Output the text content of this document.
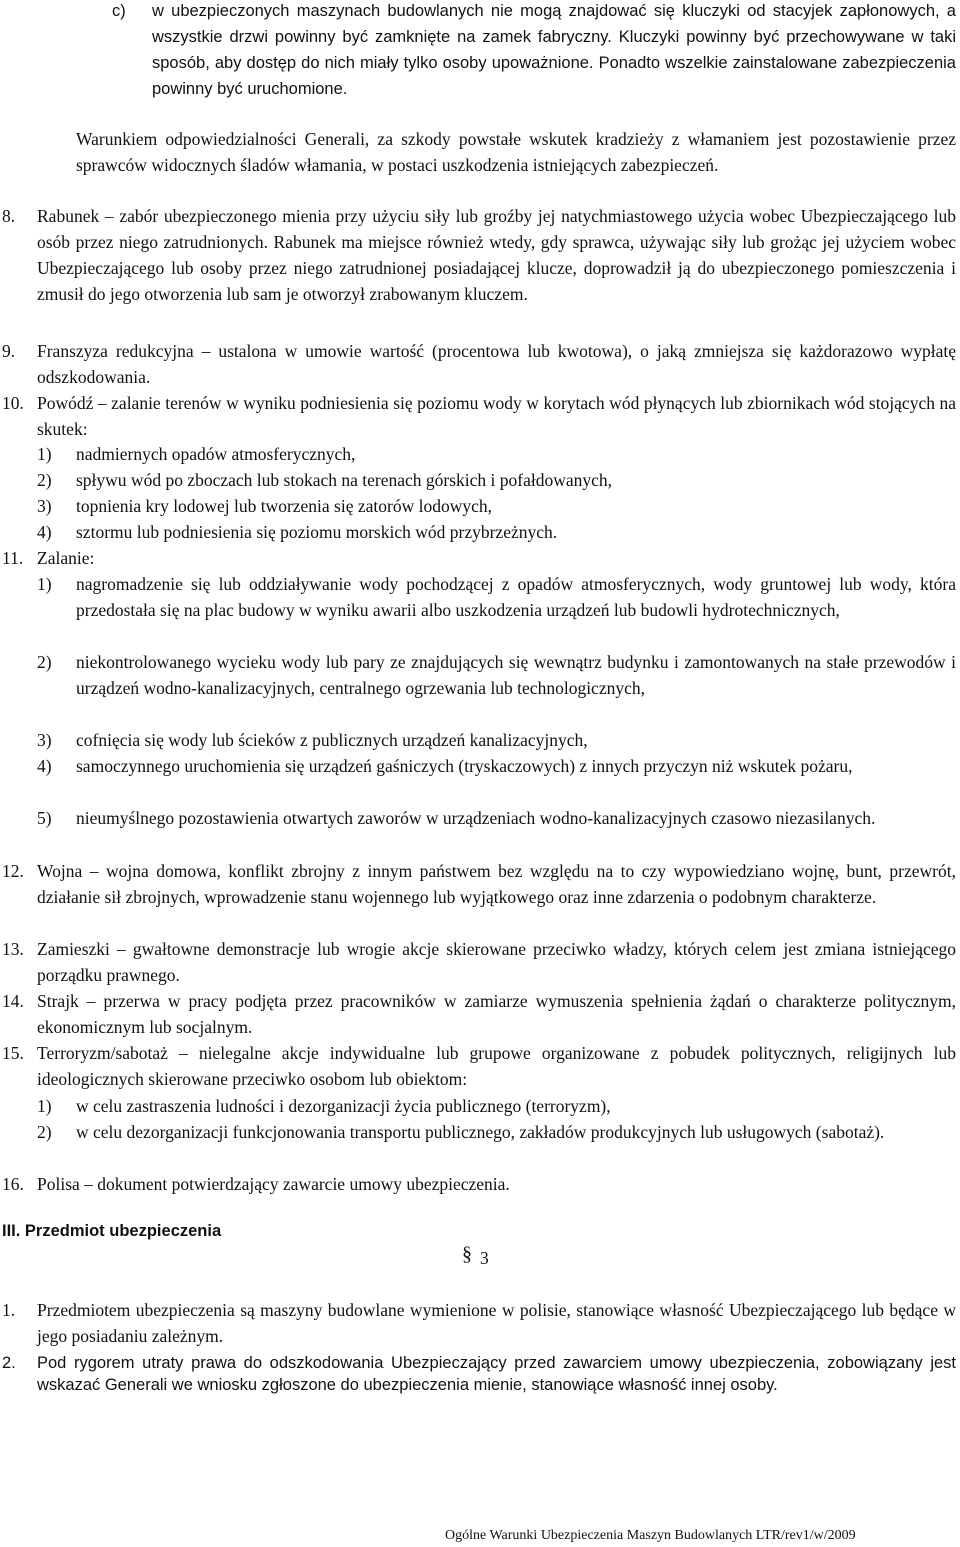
c) w ubezpieczonych maszynach budowlanych nie mogą znajdować się kluczyki od stacyjek zapłonowych, a wszystkie drzwi powinny być zamknięte na zamek fabryczny. Kluczyki powinny być przechowywane w taki sposób, aby dostęp do nich miały tylko osoby upoważnione. Ponadto wszelkie zainstalowane zabezpieczenia powinny być uruchomione.

Warunkiem odpowiedzialności Generali, za szkody powstałe wskutek kradzieży z włamaniem jest pozostawienie przez sprawców widocznych śladów włamania, w postaci uszkodzenia istniejących zabezpieczeń.

8. Rabunek – zabór ubezpieczonego mienia przy użyciu siły lub groźby jej natychmiastowego użycia wobec Ubezpieczającego lub osób przez niego zatrudnionych. Rabunek ma miejsce również wtedy, gdy sprawca, używając siły lub grożąc jej użyciem wobec Ubezpieczającego lub osoby przez niego zatrudnionej posiadającej klucze, doprowadził ją do ubezpieczonego pomieszczenia i zmusił do jego otworzenia lub sam je otworzył zrabowanym kluczem.

9. Franszyza redukcyjna – ustalona w umowie wartość (procentowa lub kwotowa), o jaką zmniejsza się każdorazowo wypłatę odszkodowania.

10. Powódź – zalanie terenów w wyniku podniesienia się poziomu wody w korytach wód płynących lub zbiornikach wód stojących na skutek:

1) nadmiernych opadów atmosferycznych,

2) spływu wód po zboczach lub stokach na terenach górskich i pofałdowanych,

3) topnienia kry lodowej lub tworzenia się zatorów lodowych,

4) sztormu lub podniesienia się poziomu morskich wód przybrzeżnych.

11. Zalanie:

1) nagromadzenie się lub oddziaływanie wody pochodzącej z opadów atmosferycznych, wody gruntowej lub wody, która przedostała się na plac budowy w wyniku awarii albo uszkodzenia urządzeń lub budowli hydrotechnicznych,

2) niekontrolowanego wycieku wody lub pary ze znajdujących się wewnątrz budynku i zamontowanych na stałe przewodów i urządzeń wodno-kanalizacyjnych, centralnego ogrzewania lub technologicznych,

3) cofnięcia się wody lub ścieków z publicznych urządzeń kanalizacyjnych,

4) samoczynnego uruchomienia się urządzeń gaśniczych (tryskaczowych) z innych przyczyn niż wskutek pożaru,

5) nieumyślnego pozostawienia otwartych zaworów w urządzeniach wodno-kanalizacyjnych czasowo niezasilanych.

12. Wojna – wojna domowa, konflikt zbrojny z innym państwem bez względu na to czy wypowiedziano wojnę, bunt, przewrót, działanie sił zbrojnych, wprowadzenie stanu wojennego lub wyjątkowego oraz inne zdarzenia o podobnym charakterze.

13. Zamieszki – gwałtowne demonstracje lub wrogie akcje skierowane przeciwko władzy, których celem jest zmiana istniejącego porządku prawnego.

14. Strajk – przerwa w pracy podjęta przez pracowników w zamiarze wymuszenia spełnienia żądań o charakterze politycznym, ekonomicznym lub socjalnym.

15. Terroryzm/sabotaż – nielegalne akcje indywidualne lub grupowe organizowane z pobudek politycznych, religijnych lub ideologicznych skierowane przeciwko osobom lub obiektom:

1) w celu zastraszenia ludności i dezorganizacji życia publicznego (terroryzm),

2) w celu dezorganizacji funkcjonowania transportu publicznego, zakładów produkcyjnych lub usługowych (sabotaż).

16. Polisa – dokument potwierdzający zawarcie umowy ubezpieczenia.

III. Przedmiot ubezpieczenia
§ 3
1. Przedmiotem ubezpieczenia są maszyny budowlane wymienione w polisie, stanowiące własność Ubezpieczającego lub będące w jego posiadaniu zależnym.

2. Pod rygorem utraty prawa do odszkodowania Ubezpieczający przed zawarciem umowy ubezpieczenia, zobowiązany jest wskazać Generali we wniosku zgłoszone do ubezpieczenia mienie, stanowiące własność innej osoby.

Ogólne Warunki Ubezpieczenia Maszyn Budowlanych LTR/rev1/w/2009
